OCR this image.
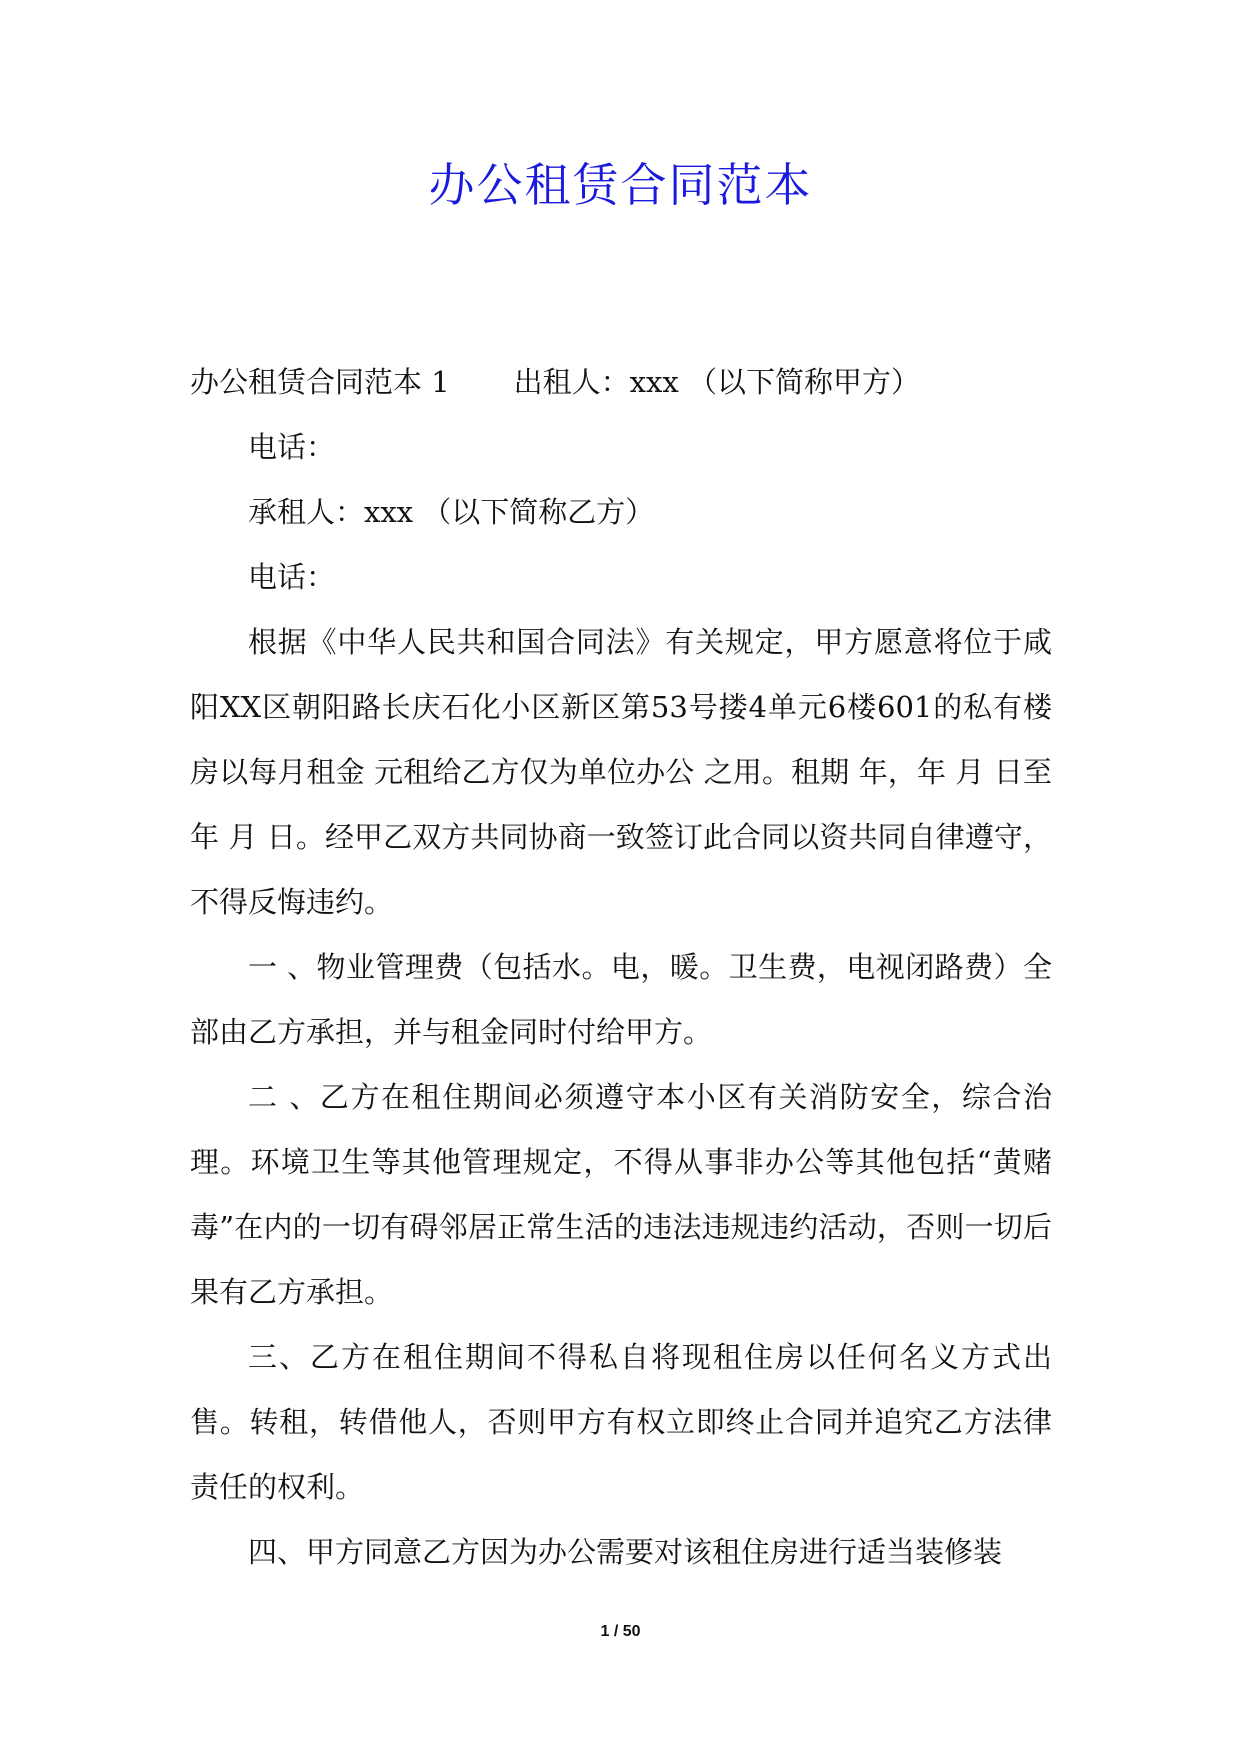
办公租赁合同范本

办公租赁合同范本 1 出租人：xxx （以下简称甲方）

电话：

承租人：xxx （以下简称乙方）

电话：

根据《中华人民共和国合同法》有关规定，甲方愿意将位于咸阳XX区朝阳路长庆石化小区新区第53号搂4单元6楼601的私有楼房以每月租金 元租给乙方仅为单位办公 之用。租期 年，年 月 日至 年 月 日。经甲乙双方共同协商一致签订此合同以资共同自律遵守，不得反悔违约。

一 、物业管理费（包括水。电，暖。卫生费，电视闭路费）全部由乙方承担，并与租金同时付给甲方。

二 、乙方在租住期间必须遵守本小区有关消防安全，综合治理。环境卫生等其他管理规定，不得从事非办公等其他包括“黄赌毒”在内的一切有碍邻居正常生活的违法违规违约活动，否则一切后果有乙方承担。

三、乙方在租住期间不得私自将现租住房以任何名义方式出售。转租，转借他人，否则甲方有权立即终止合同并追究乙方法律责任的权利。

四、甲方同意乙方因为办公需要对该租住房进行适当装修装

1 / 50
